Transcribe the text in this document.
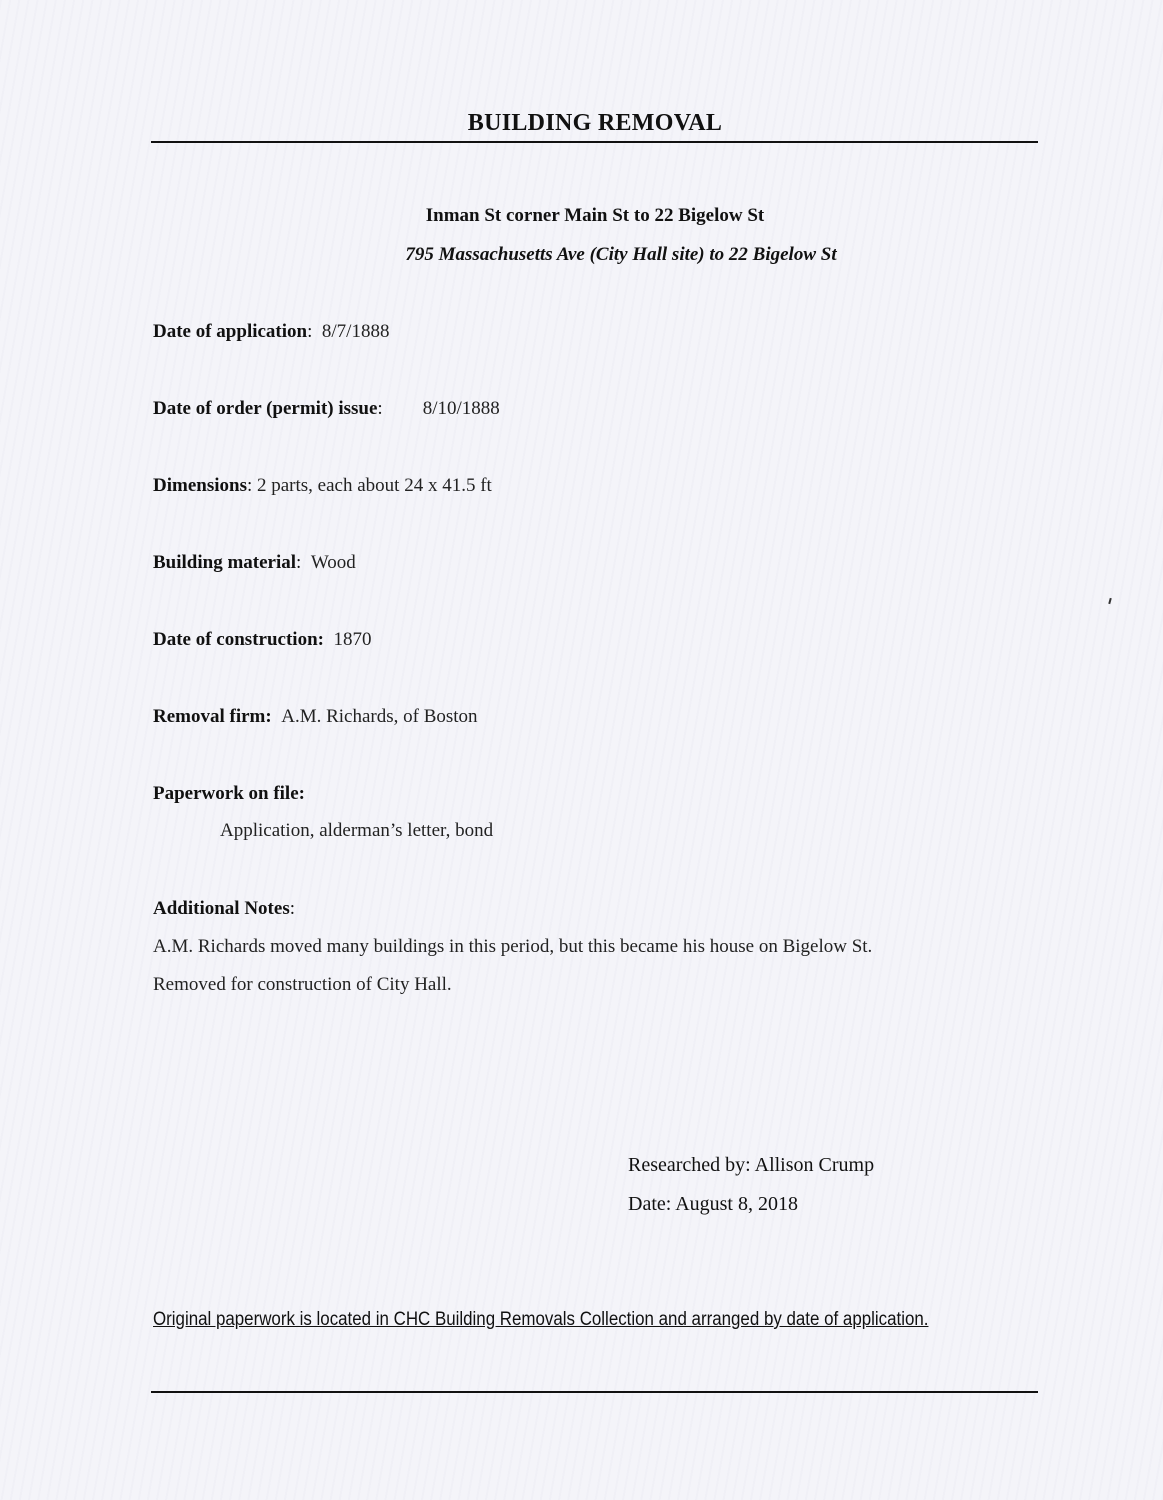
BUILDING REMOVAL
Inman St corner Main St to 22 Bigelow St
795 Massachusetts Ave (City Hall site) to 22 Bigelow St
Date of application: 8/7/1888
Date of order (permit) issue: 8/10/1888
Dimensions: 2 parts, each about 24 x 41.5 ft
Building material: Wood
Date of construction: 1870
Removal firm: A.M. Richards, of Boston
Paperwork on file:
Application, alderman’s letter, bond
Additional Notes:
A.M. Richards moved many buildings in this period, but this became his house on Bigelow St.
Removed for construction of City Hall.
Researched by: Allison Crump
Date: August 8, 2018
Original paperwork is located in CHC Building Removals Collection and arranged by date of application.
